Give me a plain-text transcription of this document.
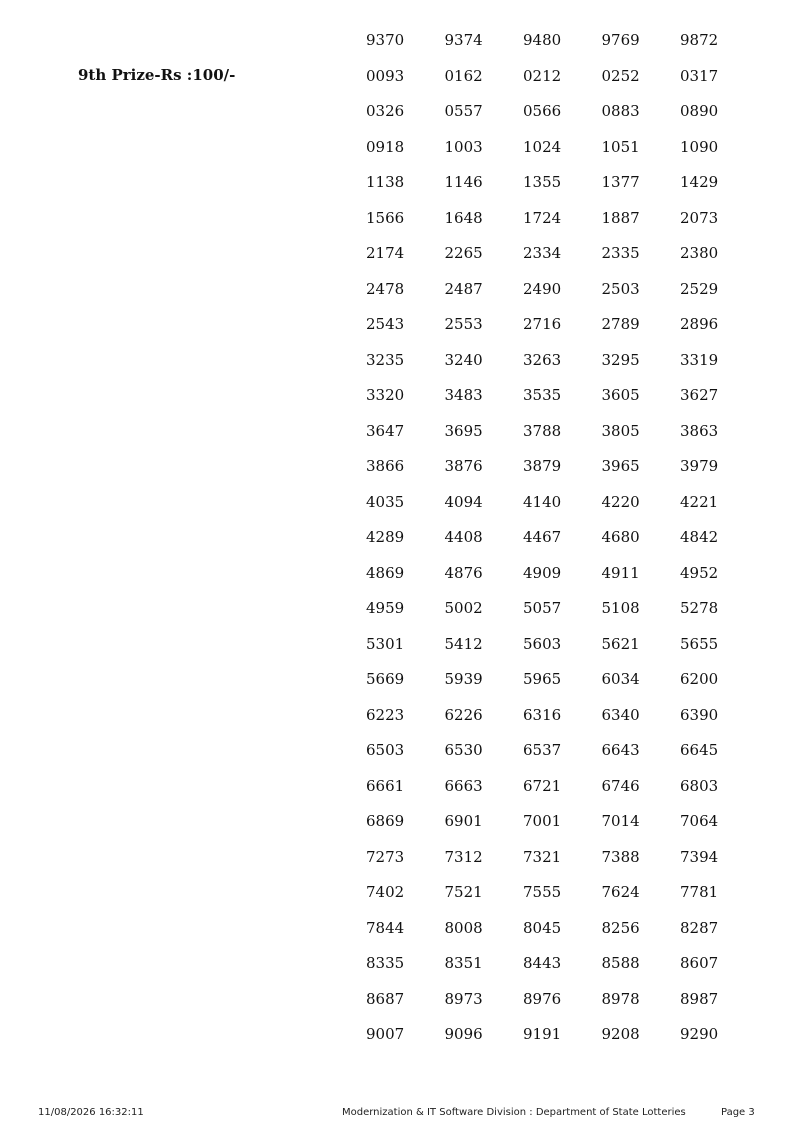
9th Prize-Rs :100/-
9370	9374	9480	9769	9872
0093	0162	0212	0252	0317
0326	0557	0566	0883	0890
0918	1003	1024	1051	1090
1138	1146	1355	1377	1429
1566	1648	1724	1887	2073
2174	2265	2334	2335	2380
2478	2487	2490	2503	2529
2543	2553	2716	2789	2896
3235	3240	3263	3295	3319
3320	3483	3535	3605	3627
3647	3695	3788	3805	3863
3866	3876	3879	3965	3979
4035	4094	4140	4220	4221
4289	4408	4467	4680	4842
4869	4876	4909	4911	4952
4959	5002	5057	5108	5278
5301	5412	5603	5621	5655
5669	5939	5965	6034	6200
6223	6226	6316	6340	6390
6503	6530	6537	6643	6645
6661	6663	6721	6746	6803
6869	6901	7001	7014	7064
7273	7312	7321	7388	7394
7402	7521	7555	7624	7781
7844	8008	8045	8256	8287
8335	8351	8443	8588	8607
8687	8973	8976	8978	8987
9007	9096	9191	9208	9290
11/08/2026 16:32:11	Modernization & IT Software Division : Department of State Lotteries	Page 3
